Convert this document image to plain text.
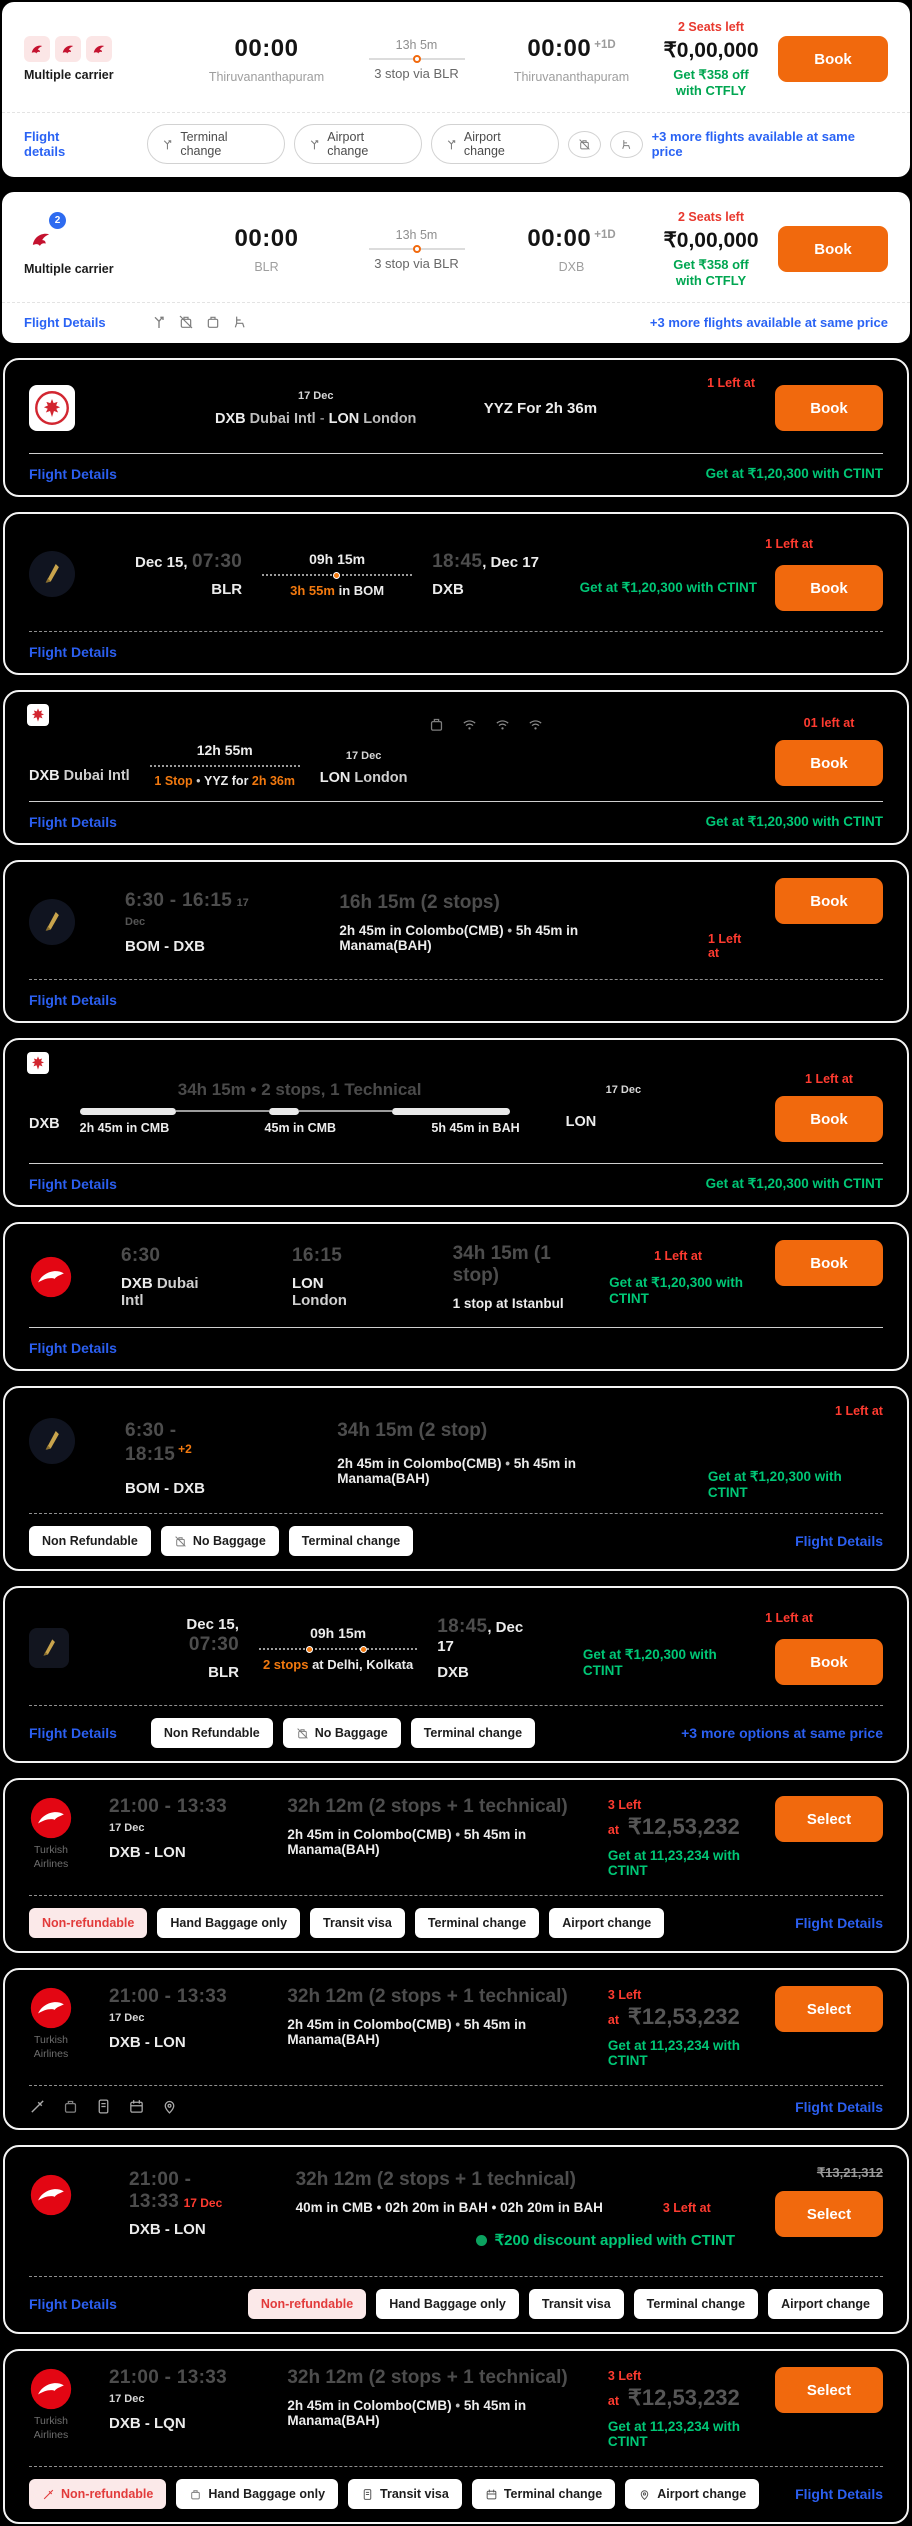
Multiple carrier
00:00
Thiruvananthapuram
13h 5m
3 stop via BLR
00:00 $^{+1D}$
Thiruvananthapuram
2 Seats left
₹0,00,000
Get ₹358 off with CTFLY
Book
Flight details
Terminal change
Airport change
Airport change
+3 more flights available at same price
2
Multiple carrier
00:00
BLR
13h 5m
3 stop via BLR
00:00 $^{+1D}$
DXB
2 Seats left
₹0,00,000
Get ₹358 off with CTFLY
Book
Flight Details	+3 more flights available at same price
17 Dec
DXB Dubai Intl - LON London
YYZ For 2h 36m
1 Left at
Book
Flight Details	Get at ₹1,20,300 with CTINT
Dec 15, 07:30
BLR
09h 15m
3h 55m in BOM
18:45, Dec 17
DXB
1 Left at
Get at ₹1,20,300 with CTINT	Book
Flight Details
DXB Dubai Intl
12h 55m
1 Stop • YYZ for 2h 36m
17 Dec
LON London
01 left at
Book
Flight Details	Get at ₹1,20,300 with CTINT
6:30 - 16:15 17 Dec
BOM - DXB
16h 15m (2 stops)
2h 45m in Colombo(CMB) • 5h 45m in Manama(BAH)	1 Left at
Book
Flight Details
DXB
34h 15m • 2 stops, 1 Technical
2h 45m in CMB	45m in CMB	5h 45m in BAH
17 Dec
LON
1 Left at
Book
Flight Details	Get at ₹1,20,300 with CTINT
6:30
DXB Dubai Intl
16:15
LON London
34h 15m (1 stop)
1 stop at Istanbul
1 Left at
Get at ₹1,20,300 with CTINT
Book
Flight Details
6:30 - 18:15 $^{+2}$
BOM - DXB
34h 15m (2 stop)
2h 45m in Colombo(CMB) • 5h 45m in Manama(BAH)
1 Left at
Get at ₹1,20,300 with CTINT
Non Refundable	No Baggage	Terminal change	Flight Details
Dec 15, 07:30
BLR
09h 15m
2 stops at Delhi, Kolkata
18:45, Dec 17
DXB
1 Left at
Get at ₹1,20,300 with CTINT	Book
Flight Details	Non Refundable	No Baggage	Terminal change	+3 more options at same price
Turkish
Airlines
21:00 - 13:33 17 Dec
DXB - LON
32h 12m (2 stops + 1 technical)
2h 45m in Colombo(CMB) • 5h 45m in Manama(BAH)
3 Left at ₹12,53,232
Get at 11,23,234 with CTINT
Select
Non-refundable	Hand Baggage only	Transit visa	Terminal change	Airport change	Flight Details
Turkish
Airlines
21:00 - 13:33 17 Dec
DXB - LON
32h 12m (2 stops + 1 technical)
2h 45m in Colombo(CMB) • 5h 45m in Manama(BAH)
3 Left at ₹12,53,232
Get at 11,23,234 with CTINT
Select
Flight Details
21:00 - 13:33 17 Dec
DXB - LON
32h 12m (2 stops + 1 technical)
40m in CMB • 02h 20m in BAH • 02h 20m in BAH	3 Left at
₹200 discount applied with CTINT
₹13,21,312
Select
Flight Details	Non-refundable	Hand Baggage only	Transit visa	Terminal change	Airport change
Turkish
Airlines
21:00 - 13:33 17 Dec
DXB - LQN
32h 12m (2 stops + 1 technical)
2h 45m in Colombo(CMB) • 5h 45m in Manama(BAH)
3 Left at ₹12,53,232
Get at 11,23,234 with CTINT
Select
Non-refundable	Hand Baggage only	Transit visa	Terminal change	Airport change	Flight Details
